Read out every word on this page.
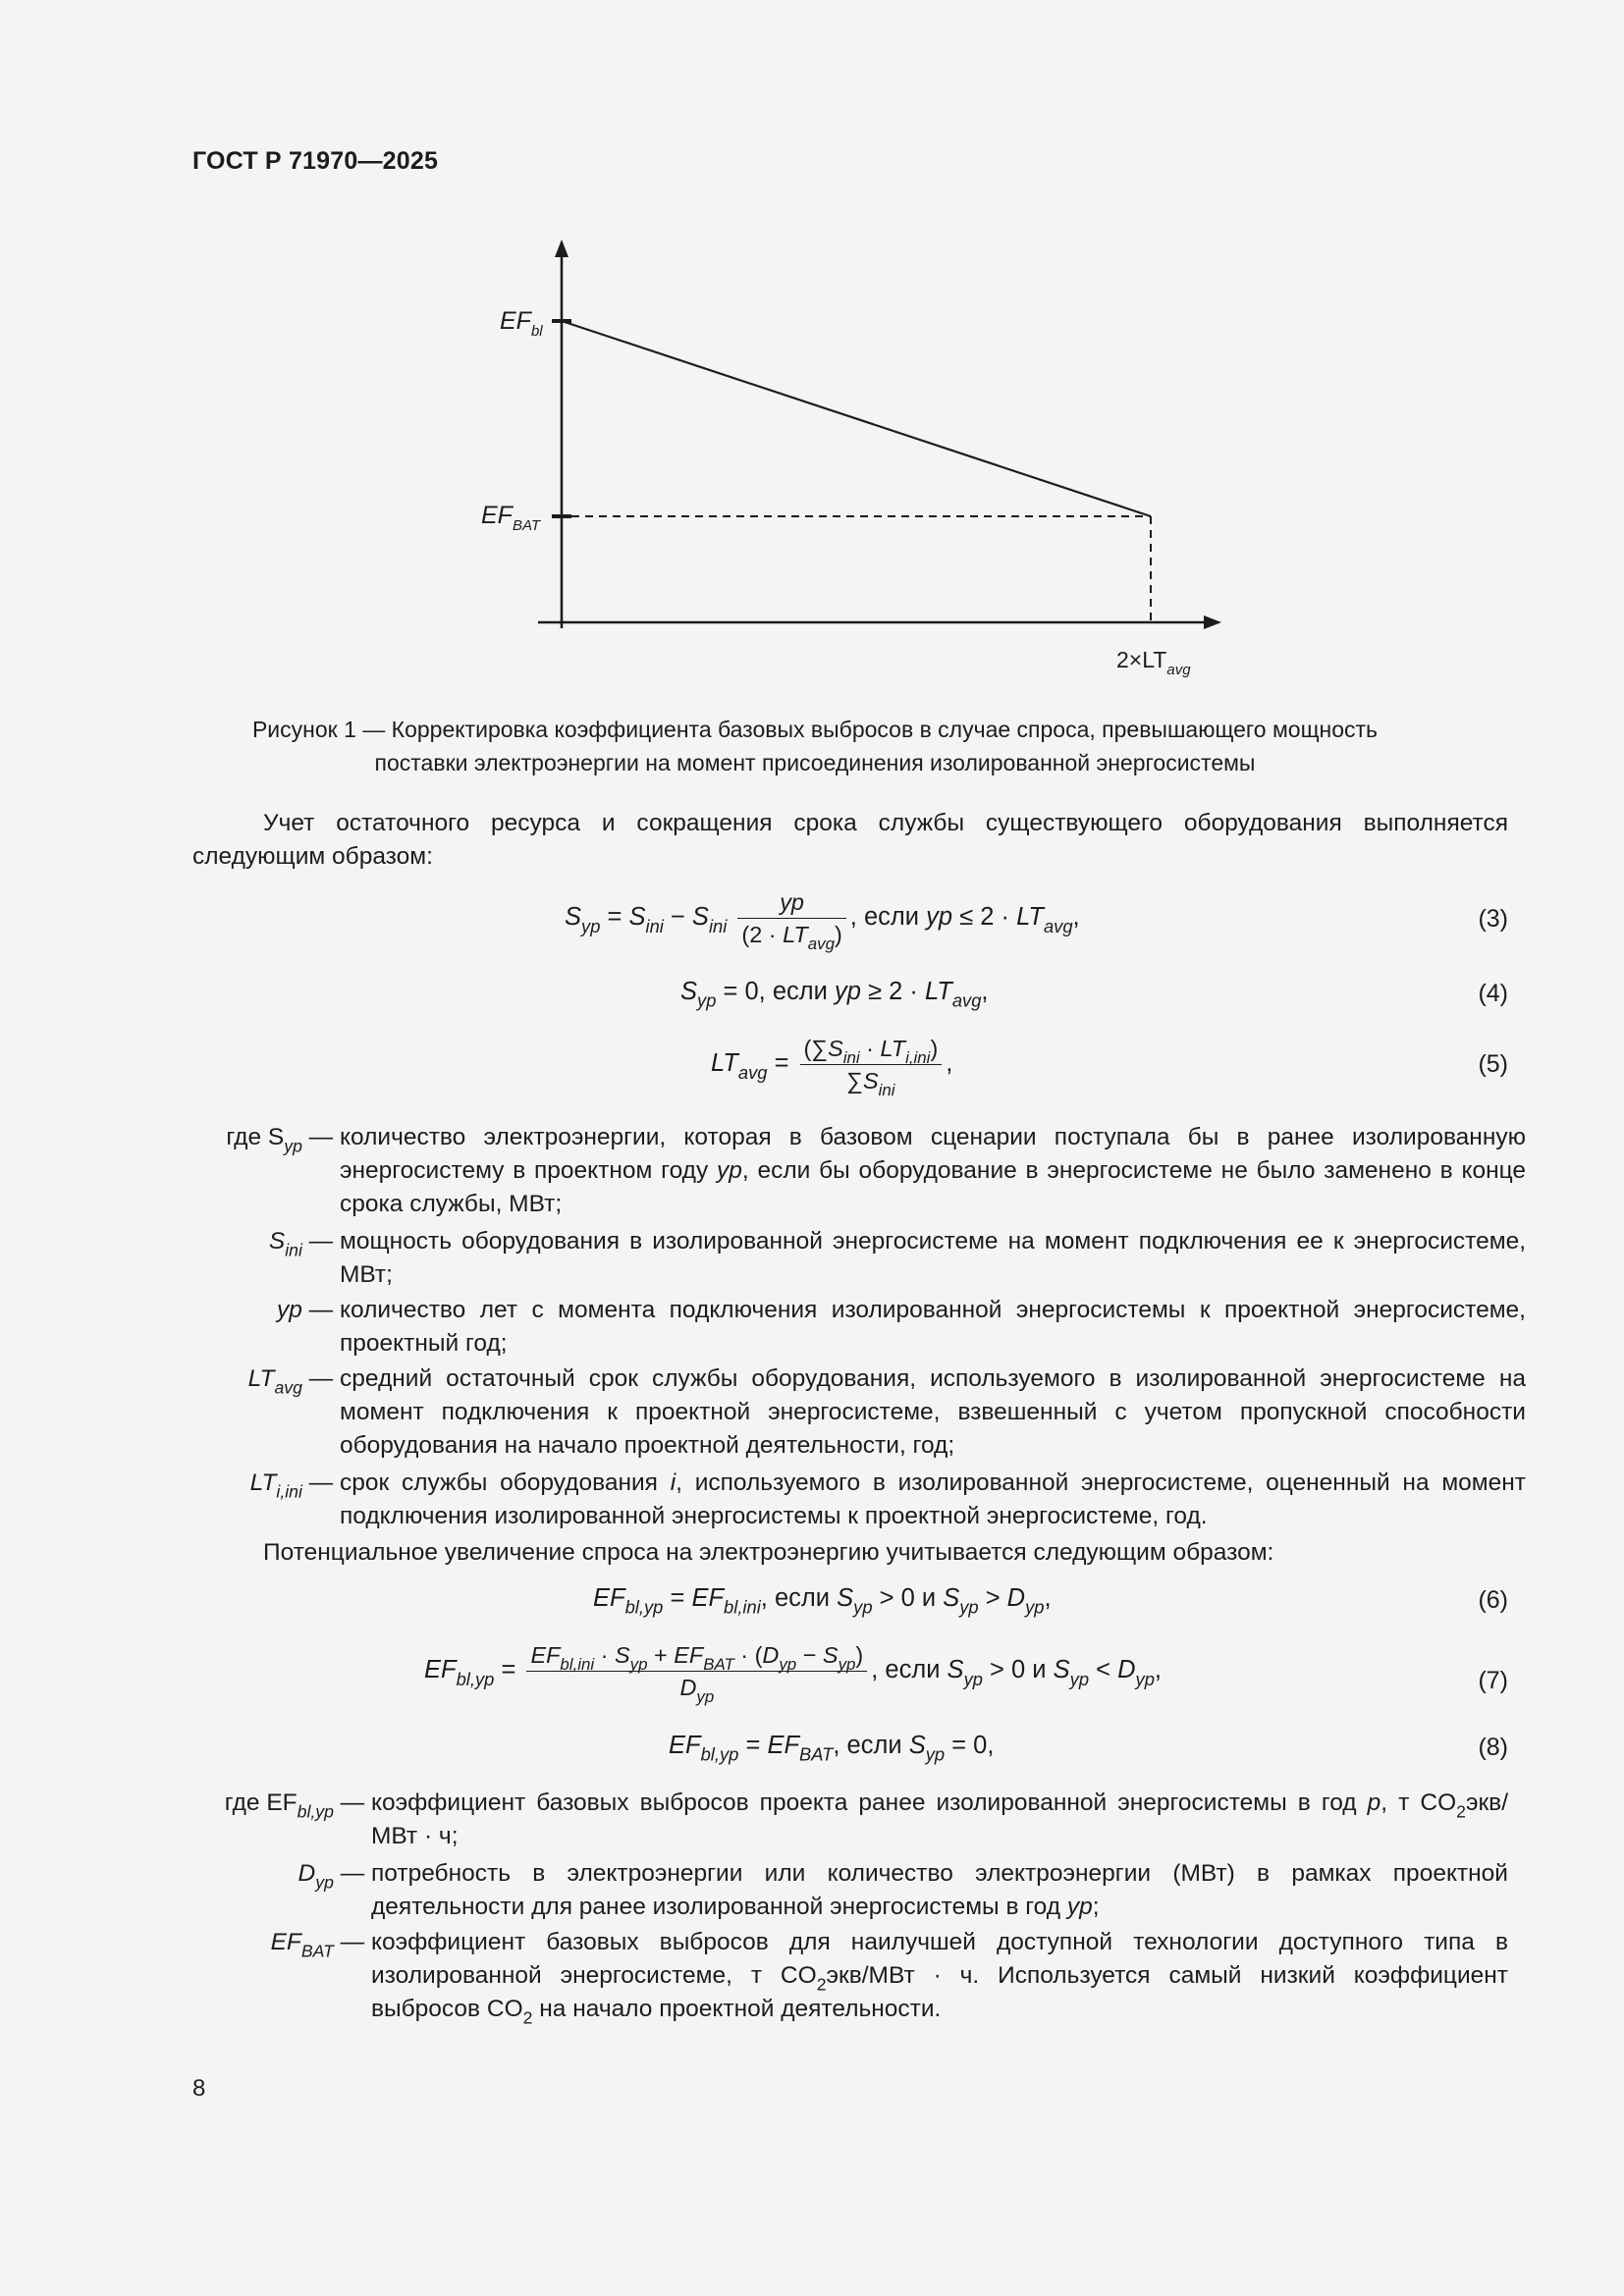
ГОСТ Р 71970—2025
$EF_{bl}$
$EF_{BAT}$
$2\times LT_{avg}$
Рисунок 1 — Корректировка коэффициента базовых выбросов в случае спроса, превышающего мощность
поставки электроэнергии на момент присоединения изолированной энергосистемы
Учет остаточного ресурса и сокращения срока службы существующего оборудования выполняется следующим образом:
$S_{yp} = S_{ini} - S_{ini} \frac{yp}{(2 \cdot LT_{avg})}$ , если yp ≤ $2 \cdot LT_{avg}$,	(3)
$S_{yp} = 0$, если yp ≥ $2 \cdot LT_{avg}$,	(4)
$LT_{avg} = \frac{(\sum S_{ini} \cdot LT_{i,ini})}{\sum S_{ini}}$ ,	(5)
где $S_{yp}$ — количество электроэнергии, которая в базовом сценарии поступала бы в ранее изолированную энергосистему в проектном году yp, если бы оборудование в энергосистеме не было заменено в конце срока службы, МВт;
$S_{ini}$ — мощность оборудования в изолированной энергосистеме на момент подключения ее к энергосистеме, МВт;
yp — количество лет с момента подключения изолированной энергосистемы к проектной энергосистеме, проектный год;
$LT_{avg}$ — средний остаточный срок службы оборудования, используемого в изолированной энергосистеме на момент подключения к проектной энергосистеме, взвешенный с учетом пропускной способности оборудования на начало проектной деятельности, год;
$LT_{i,ini}$ — срок службы оборудования i, используемого в изолированной энергосистеме, оцененный на момент подключения изолированной энергосистемы к проектной энергосистеме, год.
Потенциальное увеличение спроса на электроэнергию учитывается следующим образом:
$EF_{bl,yp} = EF_{bl,ini}$, если $S_{yp} > 0$ и $S_{yp} > D_{yp}$,	(6)
$EF_{bl,yp} = \frac{EF_{bl,ini} \cdot S_{yp} + EF_{BAT} \cdot (D_{yp} - S_{yp})}{D_{yp}}$ , если $S_{yp} > 0$ и $S_{yp} < D_{yp}$,	(7)
$EF_{bl,yp} = EF_{BAT}$, если $S_{yp} = 0$,	(8)
где $EF_{bl,yp}$ — коэффициент базовых выбросов проекта ранее изолированной энергосистемы в год p, т $CO_2экв$/МВт · ч;
$D_{yp}$ — потребность в электроэнергии или количество электроэнергии (МВт) в рамках проектной деятельности для ранее изолированной энергосистемы в год yp;
$EF_{BAT}$ — коэффициент базовых выбросов для наилучшей доступной технологии доступного типа в изолированной энергосистеме, т $CO_2экв$/МВт · ч. Используется самый низкий коэффициент выбросов $CO_2$ на начало проектной деятельности.
8
